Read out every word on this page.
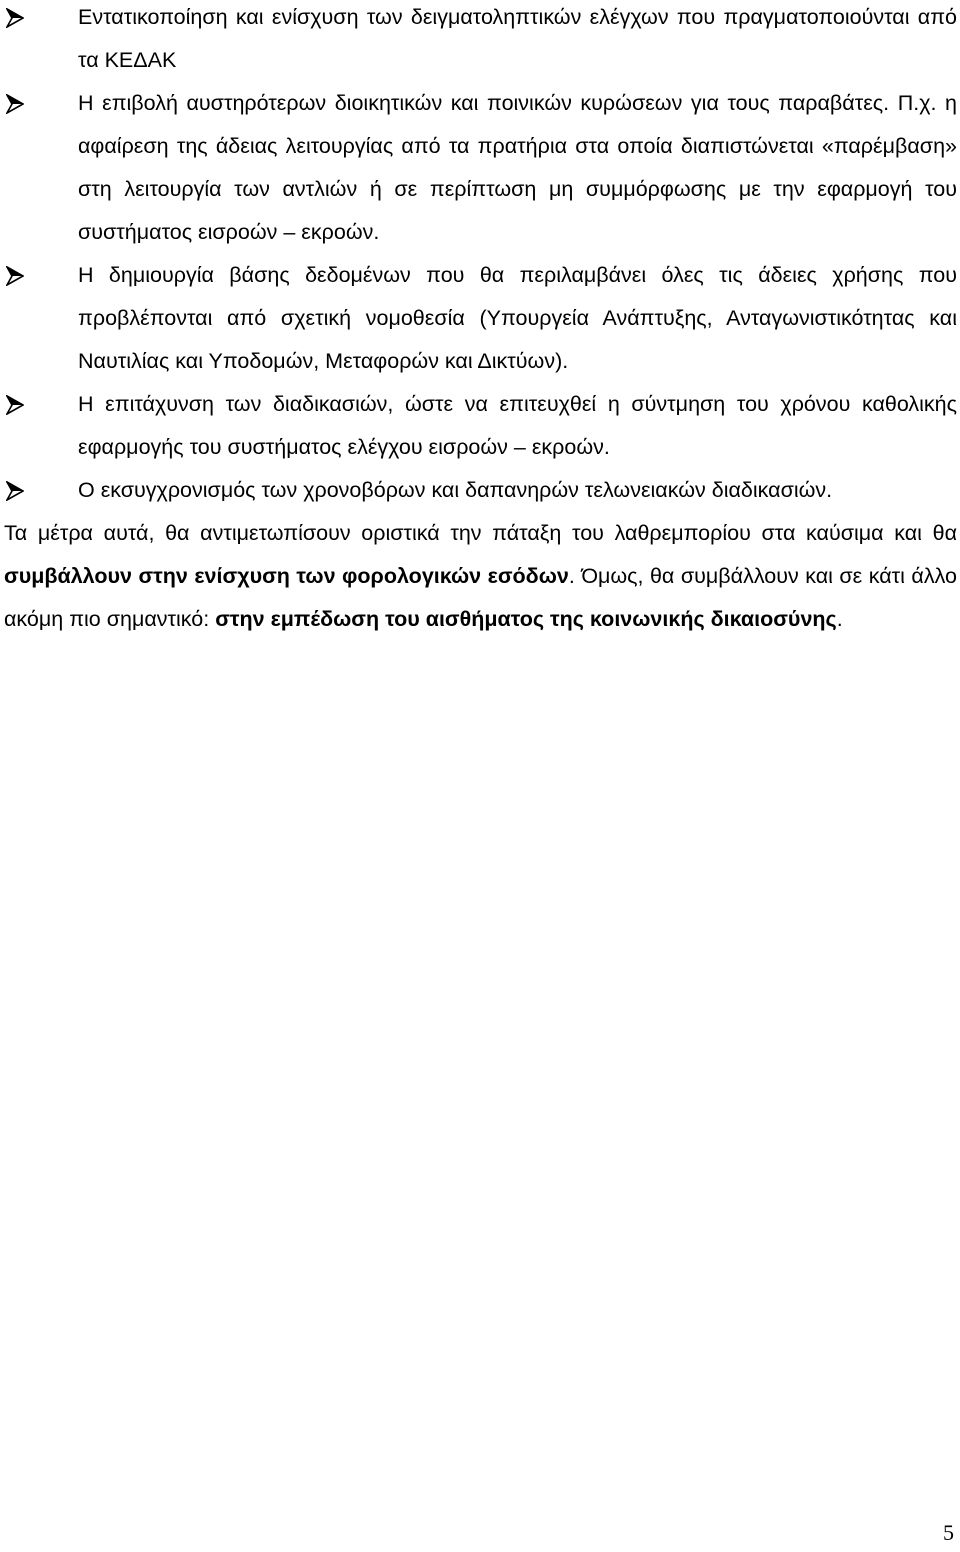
Εντατικοποίηση και ενίσχυση των δειγματοληπτικών ελέγχων που πραγματοποιούνται από τα ΚΕΔΑΚ
Η επιβολή αυστηρότερων διοικητικών και ποινικών κυρώσεων για τους παραβάτες. Π.χ. η αφαίρεση της άδειας λειτουργίας από τα πρατήρια στα οποία διαπιστώνεται «παρέμβαση» στη λειτουργία των αντλιών ή σε περίπτωση μη συμμόρφωσης με την εφαρμογή του συστήματος εισροών – εκροών.
Η δημιουργία βάσης δεδομένων που θα περιλαμβάνει όλες τις άδειες χρήσης που προβλέπονται από σχετική νομοθεσία (Υπουργεία Ανάπτυξης, Ανταγωνιστικότητας και Ναυτιλίας και Υποδομών, Μεταφορών και Δικτύων).
Η επιτάχυνση των διαδικασιών, ώστε να επιτευχθεί η σύντμηση του χρόνου καθολικής εφαρμογής του συστήματος ελέγχου εισροών – εκροών.
Ο εκσυγχρονισμός των χρονοβόρων και δαπανηρών τελωνειακών διαδικασιών.

Τα μέτρα αυτά, θα αντιμετωπίσουν οριστικά την πάταξη του λαθρεμπορίου στα καύσιμα και θα συμβάλλουν στην ενίσχυση των φορολογικών εσόδων. Όμως, θα συμβάλλουν και σε κάτι άλλο ακόμη πιο σημαντικό: στην εμπέδωση του αισθήματος της κοινωνικής δικαιοσύνης.

5
